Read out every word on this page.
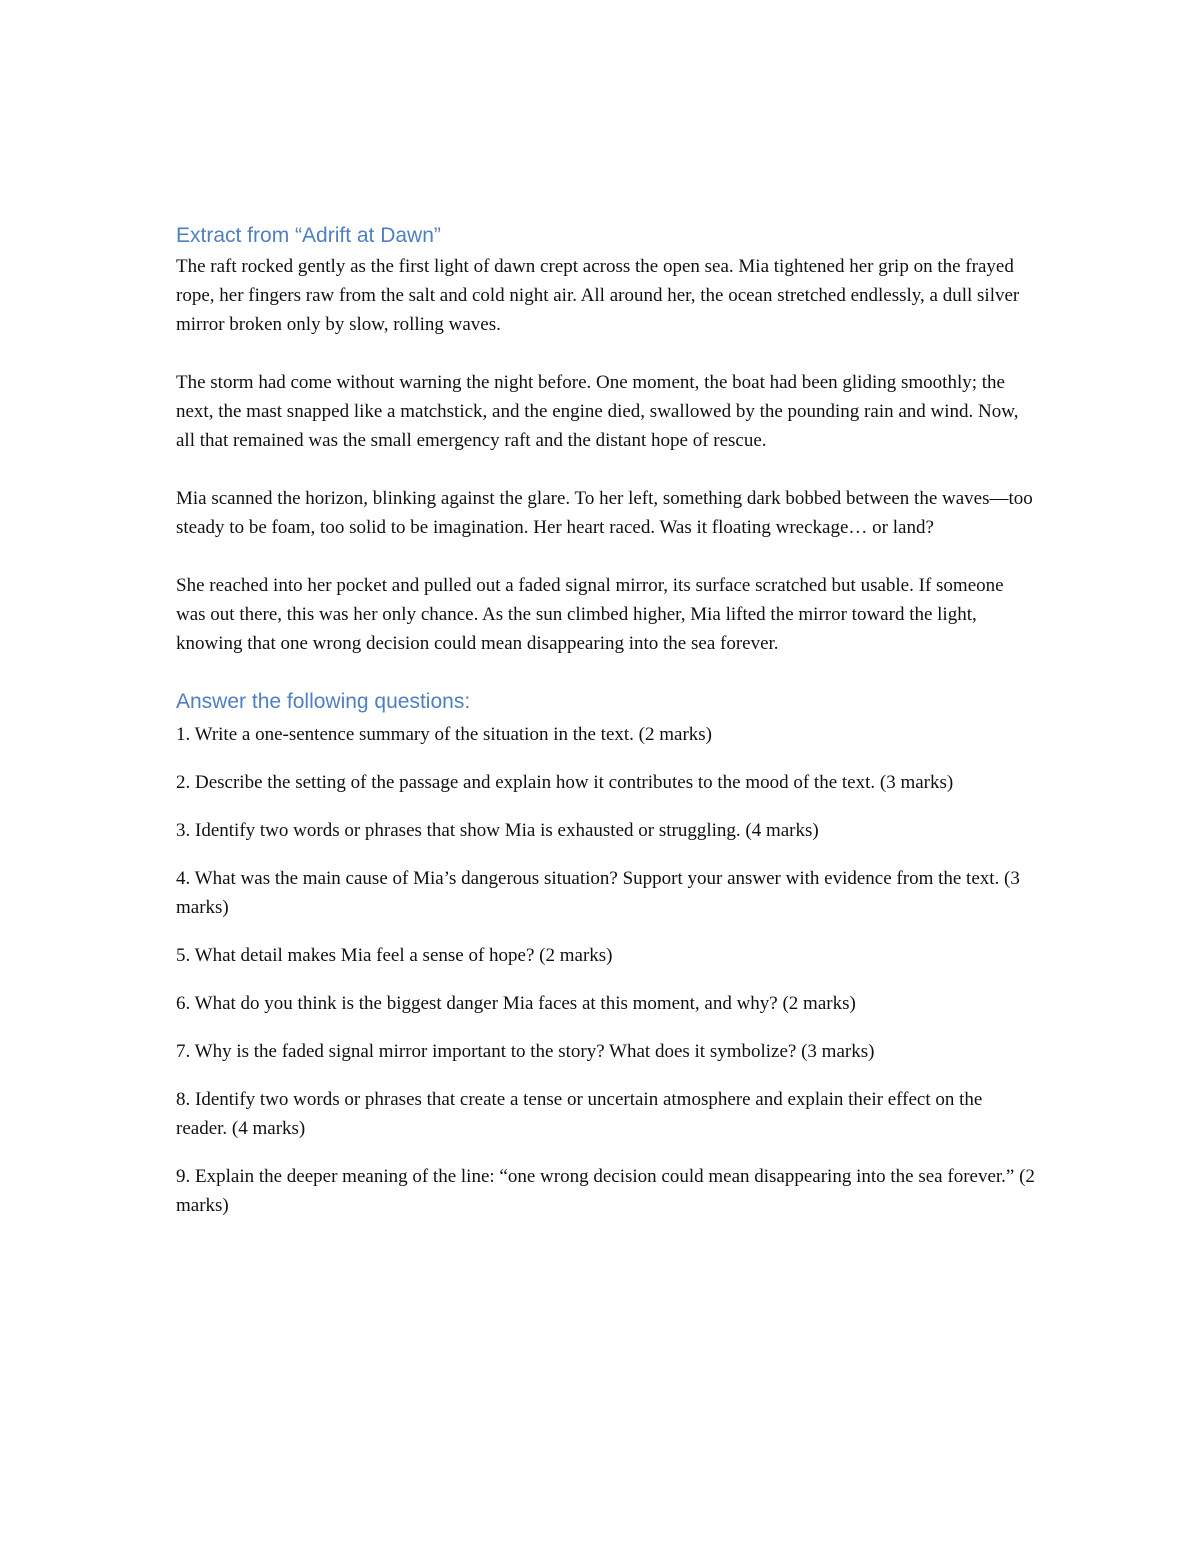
Extract from “Adrift at Dawn”

The raft rocked gently as the first light of dawn crept across the open sea. Mia tightened her grip on the frayed rope, her fingers raw from the salt and cold night air. All around her, the ocean stretched endlessly, a dull silver mirror broken only by slow, rolling waves.

The storm had come without warning the night before. One moment, the boat had been gliding smoothly; the next, the mast snapped like a matchstick, and the engine died, swallowed by the pounding rain and wind. Now, all that remained was the small emergency raft and the distant hope of rescue.

Mia scanned the horizon, blinking against the glare. To her left, something dark bobbed between the waves—too steady to be foam, too solid to be imagination. Her heart raced. Was it floating wreckage… or land?

She reached into her pocket and pulled out a faded signal mirror, its surface scratched but usable. If someone was out there, this was her only chance. As the sun climbed higher, Mia lifted the mirror toward the light, knowing that one wrong decision could mean disappearing into the sea forever.

Answer the following questions:
1. Write a one-sentence summary of the situation in the text. (2 marks)
2. Describe the setting of the passage and explain how it contributes to the mood of the text. (3 marks)
3. Identify two words or phrases that show Mia is exhausted or struggling. (4 marks)
4. What was the main cause of Mia’s dangerous situation? Support your answer with evidence from the text. (3 marks)
5. What detail makes Mia feel a sense of hope? (2 marks)
6. What do you think is the biggest danger Mia faces at this moment, and why? (2 marks)
7. Why is the faded signal mirror important to the story? What does it symbolize? (3 marks)
8. Identify two words or phrases that create a tense or uncertain atmosphere and explain their effect on the reader. (4 marks)
9. Explain the deeper meaning of the line: “one wrong decision could mean disappearing into the sea forever.” (2 marks)
